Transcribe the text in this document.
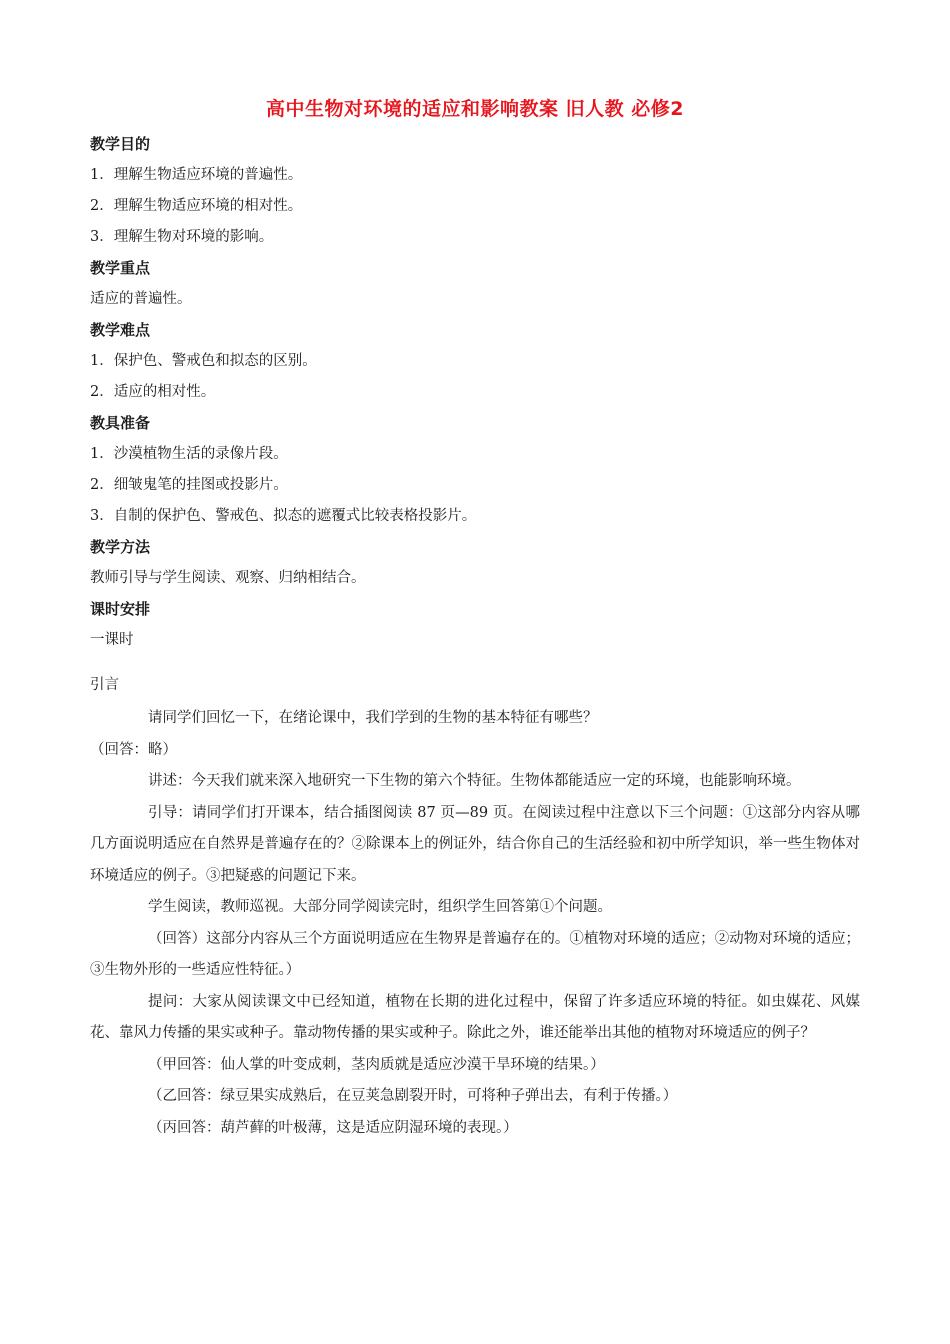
高中生物对环境的适应和影响教案 旧人教 必修2
教学目的
1．理解生物适应环境的普遍性。
2．理解生物适应环境的相对性。
3．理解生物对环境的影响。
教学重点
适应的普遍性。
教学难点
1．保护色、警戒色和拟态的区别。
2．适应的相对性。
教具准备
1．沙漠植物生活的录像片段。
2．细皱鬼笔的挂图或投影片。
3．自制的保护色、警戒色、拟态的遮覆式比较表格投影片。
教学方法
教师引导与学生阅读、观察、归纳相结合。
课时安排
一课时
引言

请同学们回忆一下，在绪论课中，我们学到的生物的基本特征有哪些？

（回答：略）

讲述：今天我们就来深入地研究一下生物的第六个特征。生物体都能适应一定的环境，也能影响环境。

引导：请同学们打开课本，结合插图阅读 87 页—89 页。在阅读过程中注意以下三个问题：①这部分内容从哪几方面说明适应在自然界是普遍存在的？②除课本上的例证外，结合你自己的生活经验和初中所学知识，举一些生物体对环境适应的例子。③把疑惑的问题记下来。

学生阅读，教师巡视。大部分同学阅读完时，组织学生回答第①个问题。

（回答）这部分内容从三个方面说明适应在生物界是普遍存在的。①植物对环境的适应；②动物对环境的适应；③生物外形的一些适应性特征。）

提问：大家从阅读课文中已经知道，植物在长期的进化过程中，保留了许多适应环境的特征。如虫媒花、风媒花、靠风力传播的果实或种子。靠动物传播的果实或种子。除此之外，谁还能举出其他的植物对环境适应的例子？

（甲回答：仙人掌的叶变成刺，茎肉质就是适应沙漠干旱环境的结果。）

（乙回答：绿豆果实成熟后，在豆荚急剧裂开时，可将种子弹出去，有利于传播。）

（丙回答：葫芦藓的叶极薄，这是适应阴湿环境的表现。）
